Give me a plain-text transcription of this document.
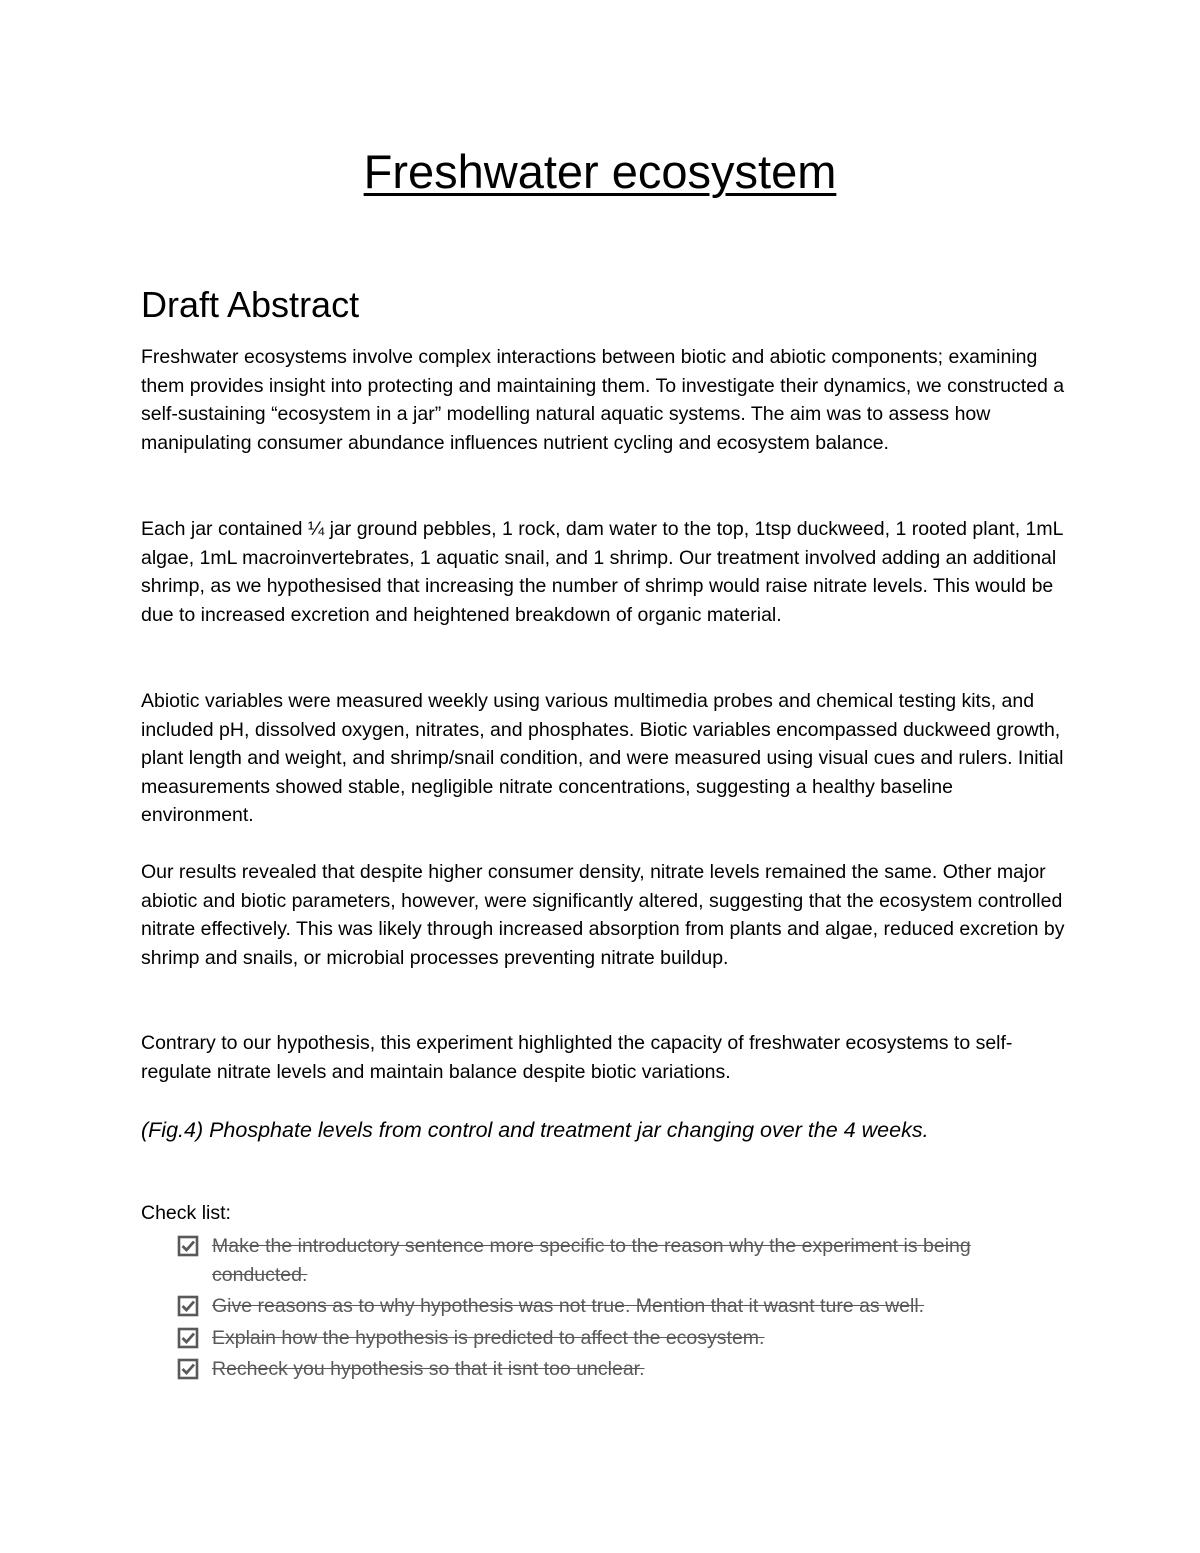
Freshwater ecosystem
Draft Abstract

Freshwater ecosystems involve complex interactions between biotic and abiotic components; examining them provides insight into protecting and maintaining them. To investigate their dynamics, we constructed a self-sustaining “ecosystem in a jar” modelling natural aquatic systems. The aim was to assess how manipulating consumer abundance influences nutrient cycling and ecosystem balance.

Each jar contained ¼ jar ground pebbles, 1 rock, dam water to the top, 1tsp duckweed, 1 rooted plant, 1mL algae, 1mL macroinvertebrates, 1 aquatic snail, and 1 shrimp. Our treatment involved adding an additional shrimp, as we hypothesised that increasing the number of shrimp would raise nitrate levels. This would be due to increased excretion and heightened breakdown of organic material.

Abiotic variables were measured weekly using various multimedia probes and chemical testing kits, and included pH, dissolved oxygen, nitrates, and phosphates. Biotic variables encompassed duckweed growth, plant length and weight, and shrimp/snail condition, and were measured using visual cues and rulers. Initial measurements showed stable, negligible nitrate concentrations, suggesting a healthy baseline environment.

Our results revealed that despite higher consumer density, nitrate levels remained the same. Other major abiotic and biotic parameters, however, were significantly altered, suggesting that the ecosystem controlled nitrate effectively. This was likely through increased absorption from plants and algae, reduced excretion by shrimp and snails, or microbial processes preventing nitrate buildup.

Contrary to our hypothesis, this experiment highlighted the capacity of freshwater ecosystems to self-regulate nitrate levels and maintain balance despite biotic variations.

(Fig.4) Phosphate levels from control and treatment jar changing over the 4 weeks.

Check list:

Make the introductory sentence more specific to the reason why the experiment is being conducted.
Give reasons as to why hypothesis was not true. Mention that it wasnt ture as well.
Explain how the hypothesis is predicted to affect the ecosystem.
Recheck you hypothesis so that it isnt too unclear.
